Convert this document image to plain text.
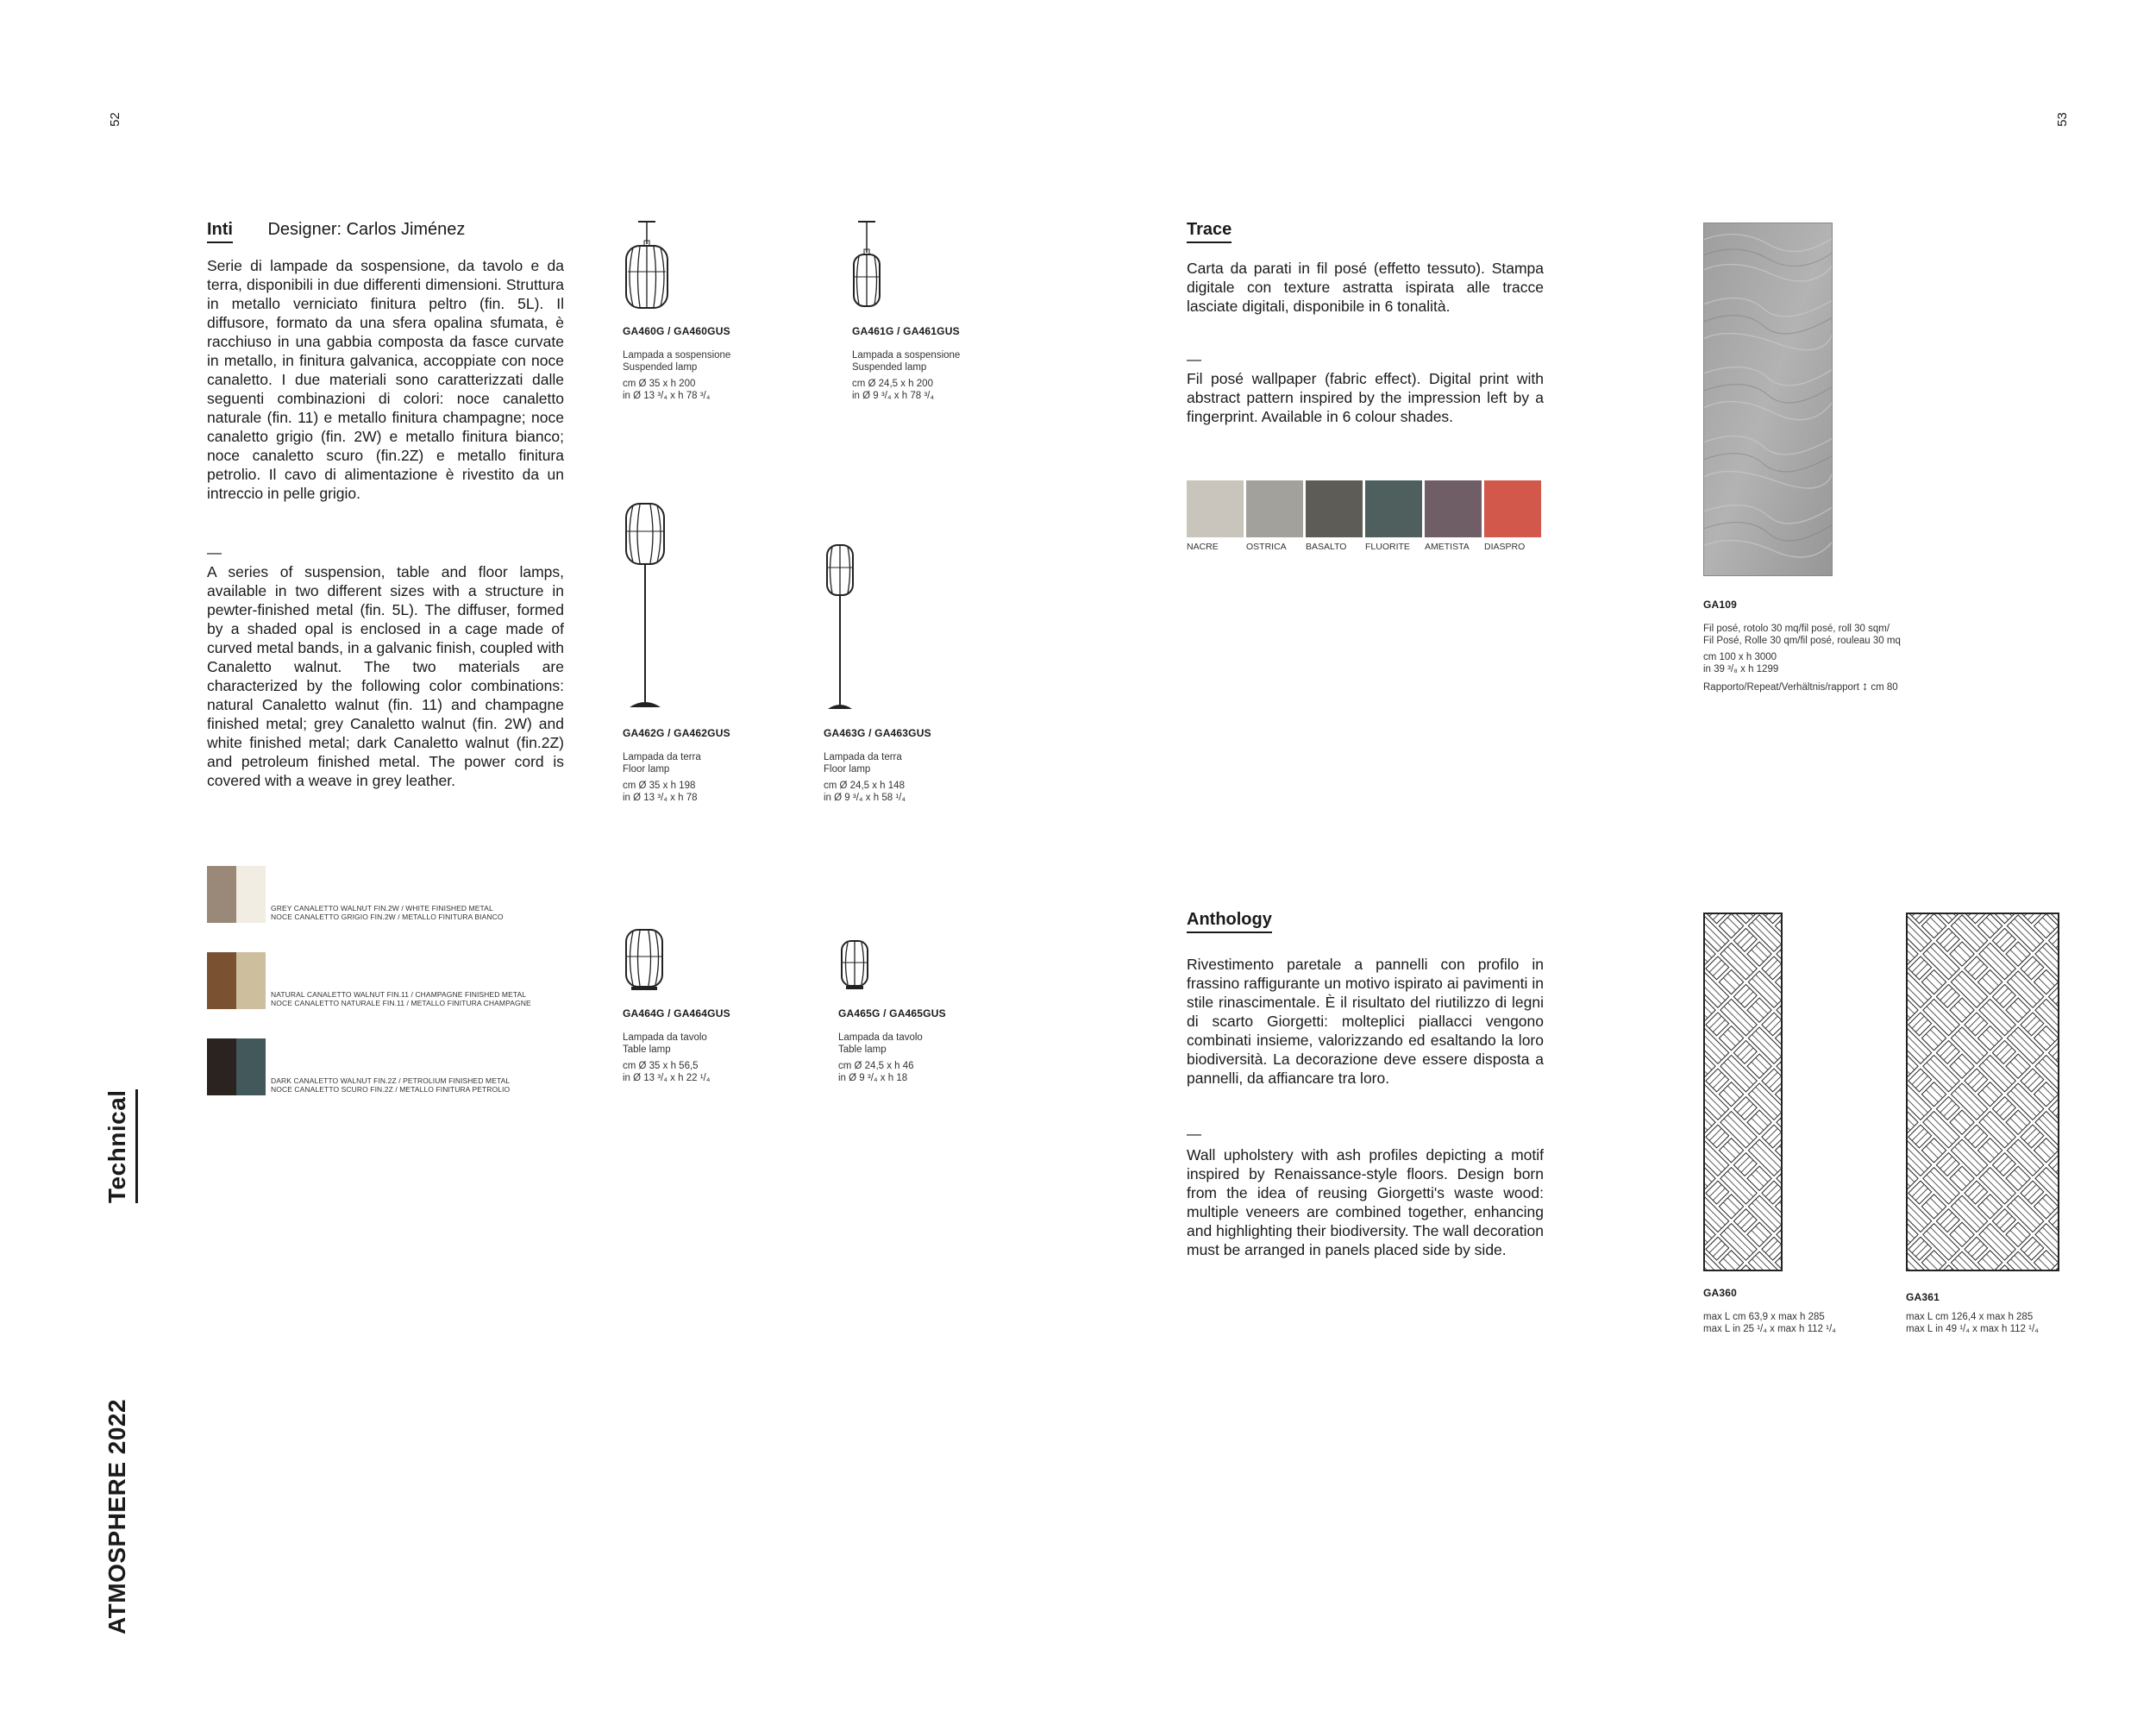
52	53
Technical
ATMOSPHERE 2022
Inti Designer: Carlos Jiménez
Serie di lampade da sospensione, da tavolo e da terra, disponibili in due differenti dimensioni. Struttura in metallo verniciato finitura peltro (fin. 5L). Il diffusore, formato da una sfera opalina sfumata, è racchiuso in una gabbia composta da fasce curvate in metallo, in finitura galvanica, accoppiate con noce canaletto. I due materiali sono caratterizzati dalle seguenti combinazioni di colori: noce canaletto naturale (fin. 11) e metallo finitura champagne; noce canaletto grigio (fin. 2W) e metallo finitura bianco; noce canaletto scuro (fin.2Z) e metallo finitura petrolio. Il cavo di alimentazione è rivestito da un intreccio in pelle grigio.
—
A series of suspension, table and floor lamps, available in two different sizes with a structure in pewter-finished metal (fin. 5L). The diffuser, formed by a shaded opal is enclosed in a cage made of curved metal bands, in a galvanic finish, coupled with Canaletto walnut. The two materials are characterized by the following color combinations: natural Canaletto walnut (fin. 11) and champagne finished metal; grey Canaletto walnut (fin. 2W) and white finished metal; dark Canaletto walnut (fin.2Z) and petroleum finished metal. The power cord is covered with a weave in grey leather.
GREY CANALETTO WALNUT FIN.2W / WHITE FINISHED METAL
NOCE CANALETTO GRIGIO FIN.2W / METALLO FINITURA BIANCO
NATURAL CANALETTO WALNUT FIN.11 / CHAMPAGNE FINISHED METAL
NOCE CANALETTO NATURALE FIN.11 / METALLO FINITURA CHAMPAGNE
DARK CANALETTO WALNUT FIN.2Z / PETROLIUM FINISHED METAL
NOCE CANALETTO SCURO FIN.2Z / METALLO FINITURA PETROLIO
GA460G / GA460GUS
Lampada a sospensione
Suspended lamp
cm Ø 35 x h 200
in Ø 13 ³/₄ x h 78 ³/₄
GA461G / GA461GUS
Lampada a sospensione
Suspended lamp
cm Ø 24,5 x h 200
in Ø 9 ³/₄ x h 78 ³/₄
GA462G / GA462GUS
Lampada da terra
Floor lamp
cm Ø 35 x h 198
in Ø 13 ³/₄ x h 78
GA463G / GA463GUS
Lampada da terra
Floor lamp
cm Ø 24,5 x h 148
in Ø 9 ³/₄ x h 58 ¹/₄
GA464G / GA464GUS
Lampada da tavolo
Table lamp
cm Ø 35 x h 56,5
in Ø 13 ³/₄ x h 22 ¹/₄
GA465G / GA465GUS
Lampada da tavolo
Table lamp
cm Ø 24,5 x h 46
in Ø 9 ³/₄ x h 18
Trace
Carta da parati in fil posé (effetto tessuto). Stampa digitale con texture astratta ispirata alle tracce lasciate digitali, disponibile in 6 tonalità.
—
Fil posé wallpaper (fabric effect). Digital print with abstract pattern inspired by the impression left by a fingerprint. Available in 6 colour shades.
NACRE	OSTRICA	BASALTO	FLUORITE	AMETISTA	DIASPRO
GA109
Fil posé, rotolo 30 mq/fil posé, roll 30 sqm/
Fil Posé, Rolle 30 qm/fil posé, rouleau 30 mq
cm 100 x h 3000
in 39 ³/₈ x h 1299
Rapporto/Repeat/Verhältnis/rapport ↕ cm 80
Anthology
Rivestimento paretale a pannelli con profilo in frassino raffigurante un motivo ispirato ai pavimenti in stile rinascimentale. È il risultato del riutilizzo di legni di scarto Giorgetti: molteplici piallacci vengono combinati insieme, valorizzando ed esaltando la loro biodiversità. La decorazione deve essere disposta a pannelli, da affiancare tra loro.
—
Wall upholstery with ash profiles depicting a motif inspired by Renaissance-style floors. Design born from the idea of reusing Giorgetti's waste wood: multiple veneers are combined together, enhancing and highlighting their biodiversity. The wall decoration must be arranged in panels placed side by side.
GA360
max L cm 63,9 x max h 285
max L in 25 ¹/₄ x max h 112 ¹/₄
GA361
max L cm 126,4 x max h 285
max L in 49 ¹/₄ x max h 112 ¹/₄
